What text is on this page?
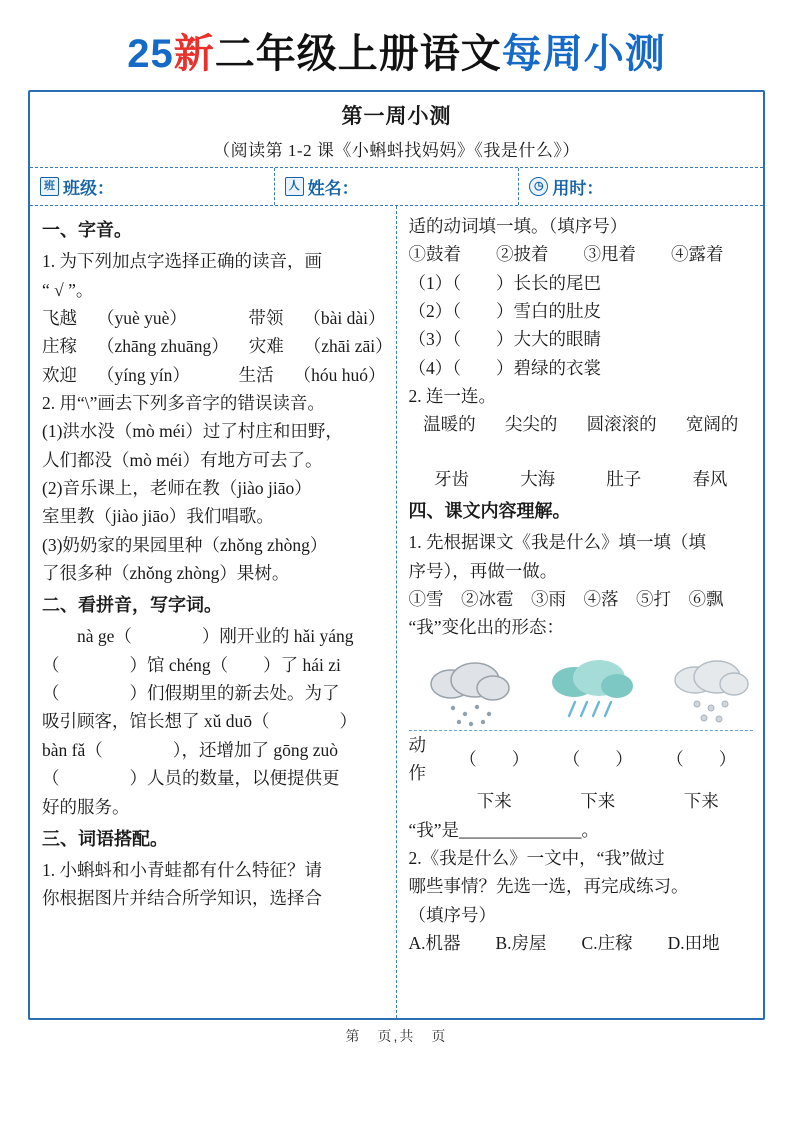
25新二年级上册语文每周小测
第一周小测
（阅读第 1-2 课《小蝌蚪找妈妈》《我是什么》）
班 班级：	人 姓名：	◷ 用时：
一、字音。

1. 为下列加点字选择正确的读音，画

“ √ ”。

飞越 （yuè yuè）	带领 （bài dài）
庄稼 （zhāng zhuāng） 灾难 （zhāi zāi）
欢迎 （yíng yín）	生活 （hóu huó）

2. 用“\”画去下列多音字的错误读音。

(1)洪水没（mò méi）过了村庄和田野，

人们都没（mò méi）有地方可去了。

(2)音乐课上，老师在教（jiào jiāo）

室里教（jiào jiāo）我们唱歌。

(3)奶奶家的果园里种（zhǒng zhòng）

了很多种（zhǒng zhòng）果树。

二、看拼音，写字词。

　　nà ge（　　　　）刚开业的 hǎi yáng

（　　　　）馆 chéng（　　）了 hái zi

（　　　　）们假期里的新去处。为了

吸引顾客，馆长想了 xǔ duō（　　　　）

bàn fǎ（　　　　），还增加了 gōng zuò

（　　　　）人员的数量，以便提供更

好的服务。

三、词语搭配。

1. 小蝌蚪和小青蛙都有什么特征？请

你根据图片并结合所学知识，选择合

适的动词填一填。（填序号）

①鼓着　　②披着　　③甩着　　④露着

（1）（　　）长长的尾巴

（2）（　　）雪白的肚皮

（3）（　　）大大的眼睛

（4）（　　）碧绿的衣裳

2. 连一连。

温暖的 尖尖的 圆滚滚的 宽阔的
牙齿	大海	肚子	春风
四、课文内容理解。

1. 先根据课文《我是什么》填一填（填

序号），再做一做。

①雪　②冰雹　③雨　④落　⑤打　⑥飘

“我”变化出的形态：

动作
（　　） （　　） （　　）
下来	下来	下来

“我”是______________。

2.《我是什么》一文中，“我”做过

哪些事情？先选一选，再完成练习。

（填序号）

A.机器　　B.房屋　　C.庄稼　　D.田地

第　页,共　页
